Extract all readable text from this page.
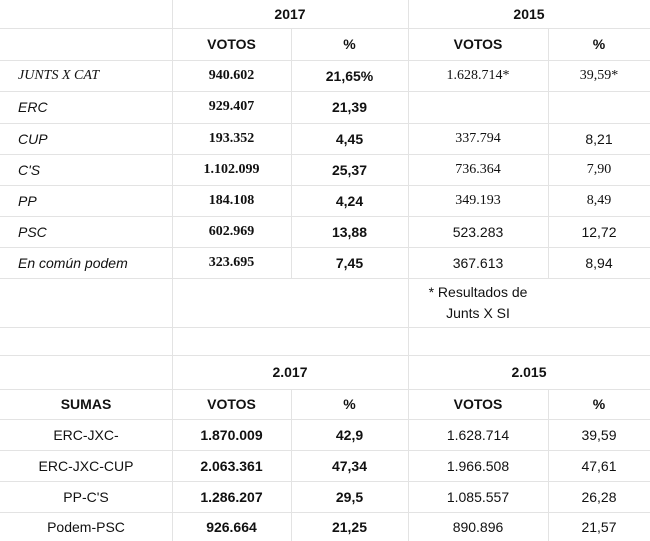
2017	2015
VOTOS	%	VOTOS	%
JUNTS X CAT	940.602	21,65%	1.628.714*	39,59*
ERC	929.407	21,39
CUP	193.352	4,45	337.794	8,21
C'S	1.102.099	25,37	736.364	7,90
PP	184.108	4,24	349.193	8,49
PSC	602.969	13,88	523.283	12,72
En común podem	323.695	7,45	367.613	8,94
* Resultados de
Junts X SI
2.017	2.015
SUMAS	VOTOS	%	VOTOS	%
ERC-JXC-	1.870.009	42,9	1.628.714	39,59
ERC-JXC-CUP	2.063.361	47,34	1.966.508	47,61
PP-C'S	1.286.207	29,5	1.085.557	26,28
Podem-PSC	926.664	21,25	890.896	21,57
